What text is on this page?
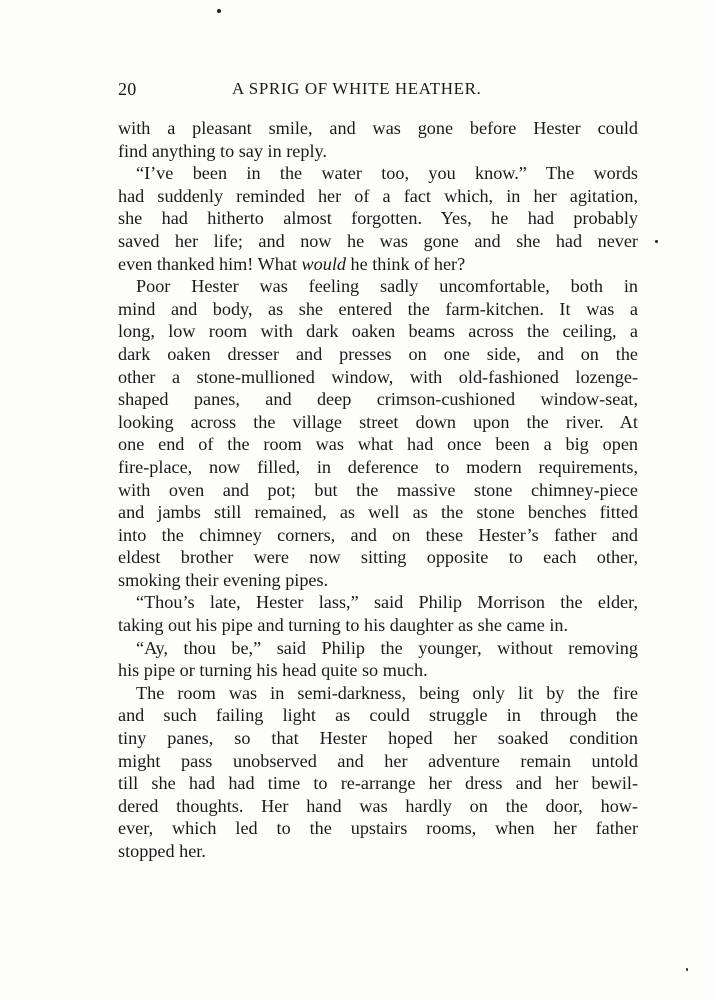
20	A SPRIG OF WHITE HEATHER.
with a pleasant smile, and was gone before Hester could
find anything to say in reply.
“I’ve been in the water too, you know.” The words
had suddenly reminded her of a fact which, in her agitation,
she had hitherto almost forgotten. Yes, he had probably
saved her life; and now he was gone and she had never
even thanked him! What would he think of her?
Poor Hester was feeling sadly uncomfortable, both in
mind and body, as she entered the farm-kitchen. It was a
long, low room with dark oaken beams across the ceiling, a
dark oaken dresser and presses on one side, and on the
other a stone-mullioned window, with old-fashioned lozenge-
shaped panes, and deep crimson-cushioned window-seat,
looking across the village street down upon the river. At
one end of the room was what had once been a big open
fire-place, now filled, in deference to modern requirements,
with oven and pot; but the massive stone chimney-piece
and jambs still remained, as well as the stone benches fitted
into the chimney corners, and on these Hester’s father and
eldest brother were now sitting opposite to each other,
smoking their evening pipes.
“Thou’s late, Hester lass,” said Philip Morrison the elder,
taking out his pipe and turning to his daughter as she came in.
“Ay, thou be,” said Philip the younger, without removing
his pipe or turning his head quite so much.
The room was in semi-darkness, being only lit by the fire
and such failing light as could struggle in through the
tiny panes, so that Hester hoped her soaked condition
might pass unobserved and her adventure remain untold
till she had had time to re-arrange her dress and her bewil-
dered thoughts. Her hand was hardly on the door, how-
ever, which led to the upstairs rooms, when her father
stopped her.
